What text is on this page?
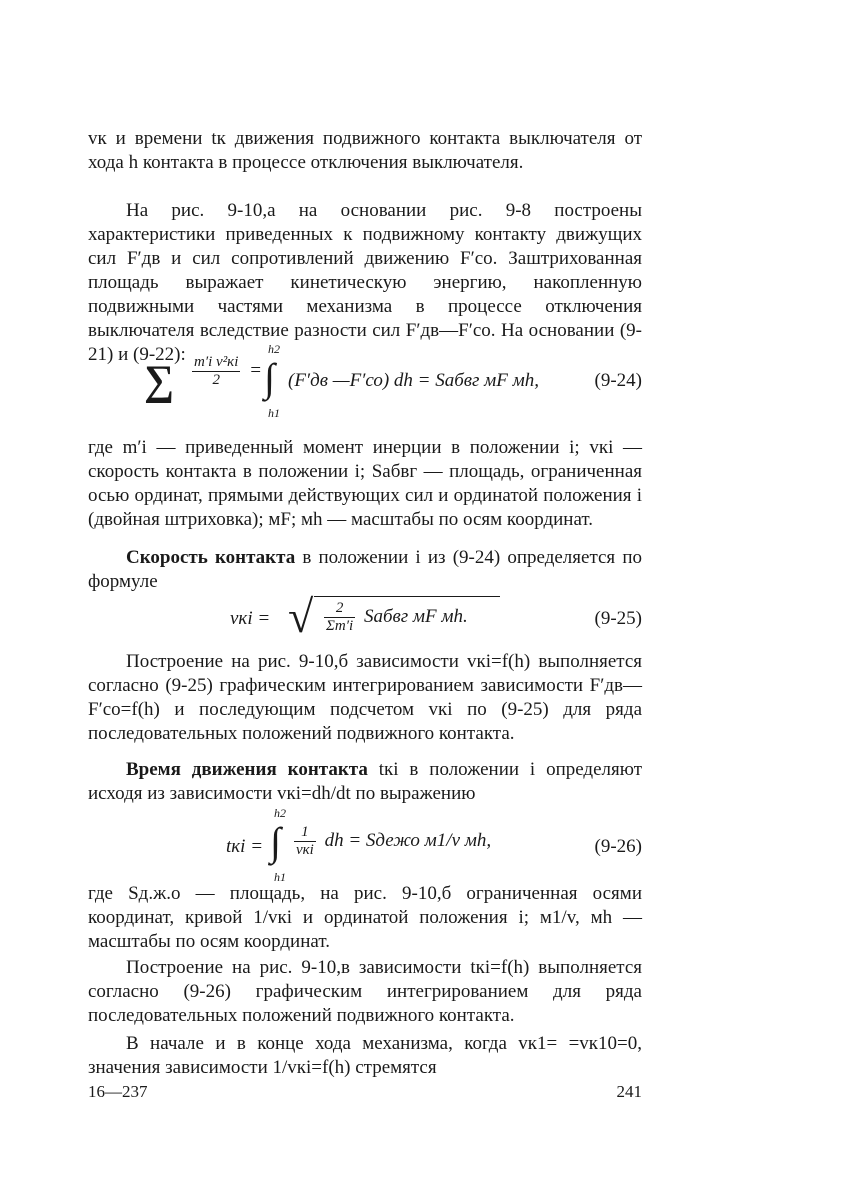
vк и времени tк движения подвижного контакта выключателя от хода h контакта в процессе отключения выключателя.

На рис. 9-10,а на основании рис. 9-8 построены характеристики приведенных к подвижному контакту движущих сил F′дв и сил сопротивлений движению F′со. Заштрихованная площадь выражает кинетическую энергию, накопленную подвижными частями механизма в процессе отключения выключателя вследствие разности сил F′дв—F′со. На основании (9-21) и (9-22):

∑ $\frac{\text{m′i v²кi}}{2}$ =
h2
∫
h1
(F′дв —F′со) dh = Sабвг мF мh,	(9-24)

где m′i — приведенный момент инерции в положении i; vкi — скорость контакта в положении i; Sабвг — площадь, ограниченная осью ординат, прямыми действующих сил и ординатой положения i (двойная штриховка); мF; мh — масштабы по осям координат.

Скорость контакта в положении i из (9-24) определяется по формуле

vкi = √ $\frac{2}{\Sigma m'i}$ Sабвг мF мh.	(9-25)

Построение на рис. 9-10,б зависимости vкi=f(h) выполняется согласно (9-25) графическим интегрированием зависимости F′дв—F′со=f(h) и последующим подсчетом vкi по (9-25) для ряда последовательных положений подвижного контакта.

Время движения контакта tкi в положении i определяют исходя из зависимости vкi=dh/dt по выражению

tкi =
h2
∫
h1
$\frac{1}{\text{vкi}}$ dh = Sдежо м1/v мh,	(9-26)

где Sд.ж.о — площадь, на рис. 9-10,б ограниченная осями координат, кривой 1/vкi и ординатой положения i; м1/v, мh — масштабы по осям координат.

Построение на рис. 9-10,в зависимости tкi=f(h) выполняется согласно (9-26) графическим интегрированием для ряда последовательных положений подвижного контакта.

В начале и в конце хода механизма, когда vк1= =vк10=0, значения зависимости 1/vкi=f(h) стремятся

16—237	241
